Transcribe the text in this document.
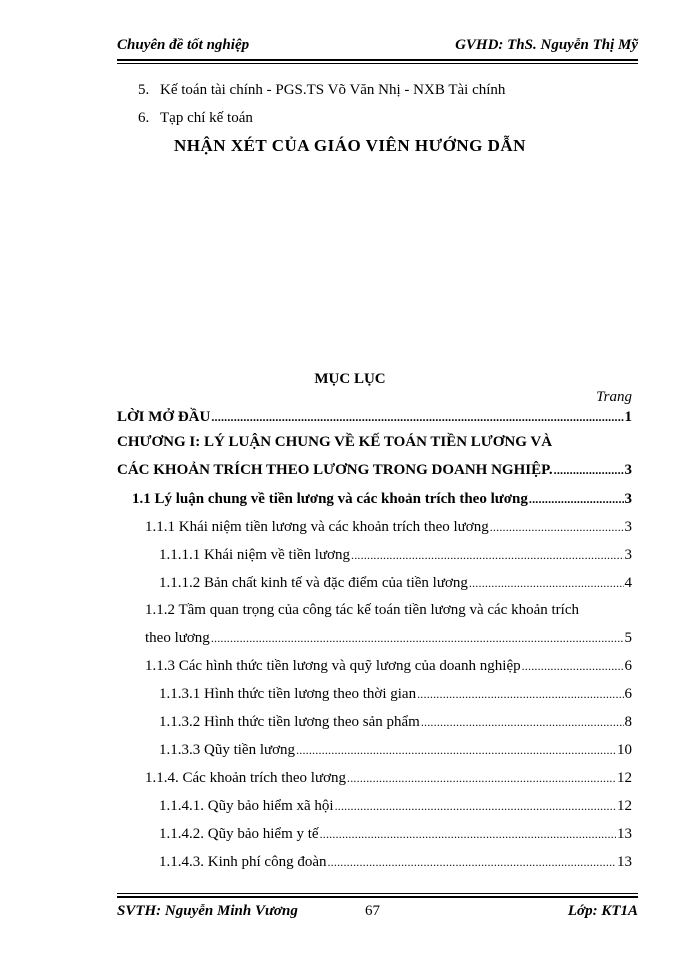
Chuyên đề tốt nghiệp	GVHD: ThS. Nguyễn Thị Mỹ
5. Kế toán tài chính - PGS.TS Võ Văn Nhị - NXB Tài chính
6. Tạp chí kế toán
NHẬN XÉT CỦA GIÁO VIÊN HƯỚNG DẪN
MỤC LỤC
Trang
LỜI MỞ ĐẦU .....	1
CHƯƠNG I: LÝ LUẬN CHUNG VỀ KẾ TOÁN TIỀN LƯƠNG VÀ
CÁC KHOẢN TRÍCH THEO LƯƠNG TRONG DOANH NGHIỆP. .....	3
1.1 Lý luận chung về tiền lương và các khoản trích theo lương .....	3
1.1.1 Khái niệm tiền lương và các khoản trích theo lương .....	3
1.1.1.1 Khái niệm về tiền lương .....	3
1.1.1.2 Bản chất kinh tế và đặc điểm của tiền lương .....	4
1.1.2 Tầm quan trọng của công tác kế toán tiền lương và các khoản trích
theo lương .....	5
1.1.3 Các hình thức tiền lương và quỹ lương của doanh nghiệp .....	6
1.1.3.1 Hình thức tiền lương theo thời gian .....	6
1.1.3.2 Hình thức tiền lương theo sản phẩm .....	8
1.1.3.3 Qũy tiền lương .....	10
1.1.4. Các khoản trích theo lương .....	12
1.1.4.1. Qũy bảo hiểm xã hội .....	12
1.1.4.2. Qũy bảo hiểm y tế .....	13
1.1.4.3. Kinh phí công đoàn .....	13
SVTH: Nguyễn Minh Vương	67	Lớp: KT1A
